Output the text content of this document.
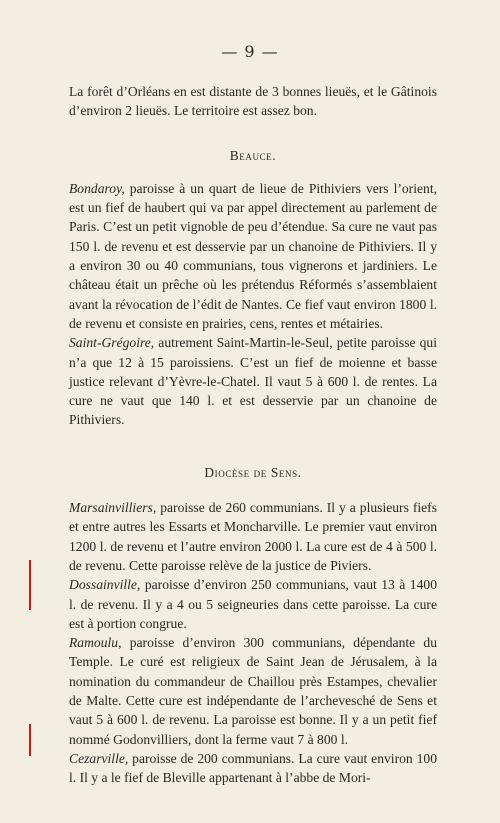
— 9 —

La forêt d’Orléans en est distante de 3 bonnes lieuës, et le Gâtinois d’environ 2 lieuës. Le territoire est assez bon.

Beauce.

Bondaroy, paroisse à un quart de lieue de Pithiviers vers l’orient, est un fief de haubert qui va par appel directement au parlement de Paris. C’est un petit vignoble de peu d’étendue. Sa cure ne vaut pas 150 l. de revenu et est desservie par un chanoine de Pithiviers. Il y a environ 30 ou 40 communians, tous vignerons et jardiniers. Le château était un prêche où les prétendus Réformés s’assemblaient avant la révocation de l’édit de Nantes. Ce fief vaut environ 1800 l. de revenu et consiste en prairies, cens, rentes et métairies.

Saint-Grégoire, autrement Saint-Martin-le-Seul, petite paroisse qui n’a que 12 à 15 paroissiens. C’est un fief de moienne et basse justice relevant d’Yèvre-le-Chatel. Il vaut 5 à 600 l. de rentes. La cure ne vaut que 140 l. et est desservie par un chanoine de Pithiviers.

Diocèse de Sens.

Marsainvilliers, paroisse de 260 communians. Il y a plusieurs fiefs et entre autres les Essarts et Moncharville. Le premier vaut environ 1200 l. de revenu et l’autre environ 2000 l. La cure est de 4 à 500 l. de revenu. Cette paroisse relève de la justice de Piviers.

Dossainville, paroisse d’environ 250 communians, vaut 13 à 1400 l. de revenu. Il y a 4 ou 5 seigneuries dans cette paroisse. La cure est à portion congrue.

Ramoulu, paroisse d’environ 300 communians, dépendante du Temple. Le curé est religieux de Saint Jean de Jérusalem, à la nomination du commandeur de Chaillou près Estampes, chevalier de Malte. Cette cure est indépendante de l’archevesché de Sens et vaut 5 à 600 l. de revenu. La paroisse est bonne. Il y a un petit fief nommé Godonvilliers, dont la ferme vaut 7 à 800 l.

Cezarville, paroisse de 200 communians. La cure vaut environ 100 l. Il y a le fief de Bleville appartenant à l’abbe de Mori-
